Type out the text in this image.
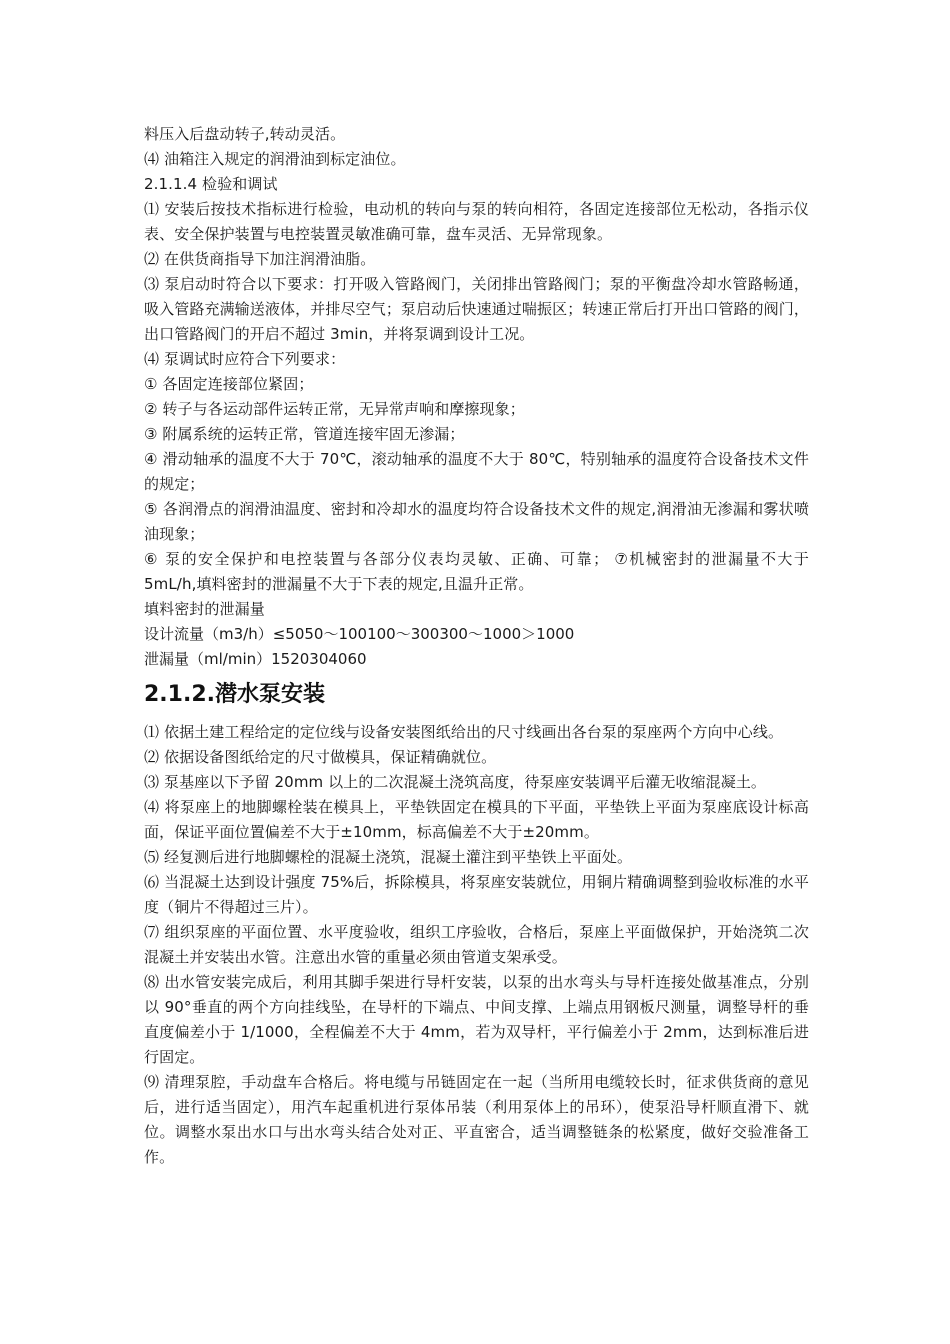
料压入后盘动转子,转动灵活。

⑷ 油箱注入规定的润滑油到标定油位。

2.1.1.4 检验和调试

⑴ 安装后按技术指标进行检验，电动机的转向与泵的转向相符，各固定连接部位无松动，各指示仪表、安全保护装置与电控装置灵敏准确可靠，盘车灵活、无异常现象。

⑵ 在供货商指导下加注润滑油脂。

⑶ 泵启动时符合以下要求：打开吸入管路阀门，关闭排出管路阀门；泵的平衡盘冷却水管路畅通，吸入管路充满输送液体，并排尽空气；泵启动后快速通过喘振区；转速正常后打开出口管路的阀门，出口管路阀门的开启不超过 3min，并将泵调到设计工况。

⑷ 泵调试时应符合下列要求：

① 各固定连接部位紧固；

② 转子与各运动部件运转正常，无异常声响和摩擦现象；

③ 附属系统的运转正常，管道连接牢固无渗漏；

④ 滑动轴承的温度不大于 70℃，滚动轴承的温度不大于 80℃，特别轴承的温度符合设备技术文件的规定；

⑤ 各润滑点的润滑油温度、密封和冷却水的温度均符合设备技术文件的规定,润滑油无渗漏和雾状喷油现象；

⑥ 泵的安全保护和电控装置与各部分仪表均灵敏、正确、可靠； ⑦机械密封的泄漏量不大于 5mL/h,填料密封的泄漏量不大于下表的规定,且温升正常。

填料密封的泄漏量

设计流量（m3/h）≤5050～100100～300300～1000＞1000

泄漏量（ml/min）1520304060

2.1.2.潜水泵安装

⑴ 依据土建工程给定的定位线与设备安装图纸给出的尺寸线画出各台泵的泵座两个方向中心线。

⑵ 依据设备图纸给定的尺寸做模具，保证精确就位。

⑶ 泵基座以下予留 20mm 以上的二次混凝土浇筑高度，待泵座安装调平后灌无收缩混凝土。

⑷ 将泵座上的地脚螺栓装在模具上，平垫铁固定在模具的下平面，平垫铁上平面为泵座底设计标高面，保证平面位置偏差不大于±10mm，标高偏差不大于±20mm。

⑸ 经复测后进行地脚螺栓的混凝土浇筑，混凝土灌注到平垫铁上平面处。

⑹ 当混凝土达到设计强度 75%后，拆除模具，将泵座安装就位，用铜片精确调整到验收标准的水平度（铜片不得超过三片）。

⑺ 组织泵座的平面位置、水平度验收，组织工序验收，合格后，泵座上平面做保护，开始浇筑二次混凝土并安装出水管。注意出水管的重量必须由管道支架承受。

⑻ 出水管安装完成后，利用其脚手架进行导杆安装，以泵的出水弯头与导杆连接处做基准点，分别以 90°垂直的两个方向挂线坠，在导杆的下端点、中间支撑、上端点用钢板尺测量，调整导杆的垂直度偏差小于 1/1000，全程偏差不大于 4mm，若为双导杆，平行偏差小于 2mm，达到标准后进行固定。

⑼ 清理泵腔，手动盘车合格后。将电缆与吊链固定在一起（当所用电缆较长时，征求供货商的意见后，进行适当固定），用汽车起重机进行泵体吊装（利用泵体上的吊环），使泵沿导杆顺直滑下、就位。调整水泵出水口与出水弯头结合处对正、平直密合，适当调整链条的松紧度，做好交验准备工作。
